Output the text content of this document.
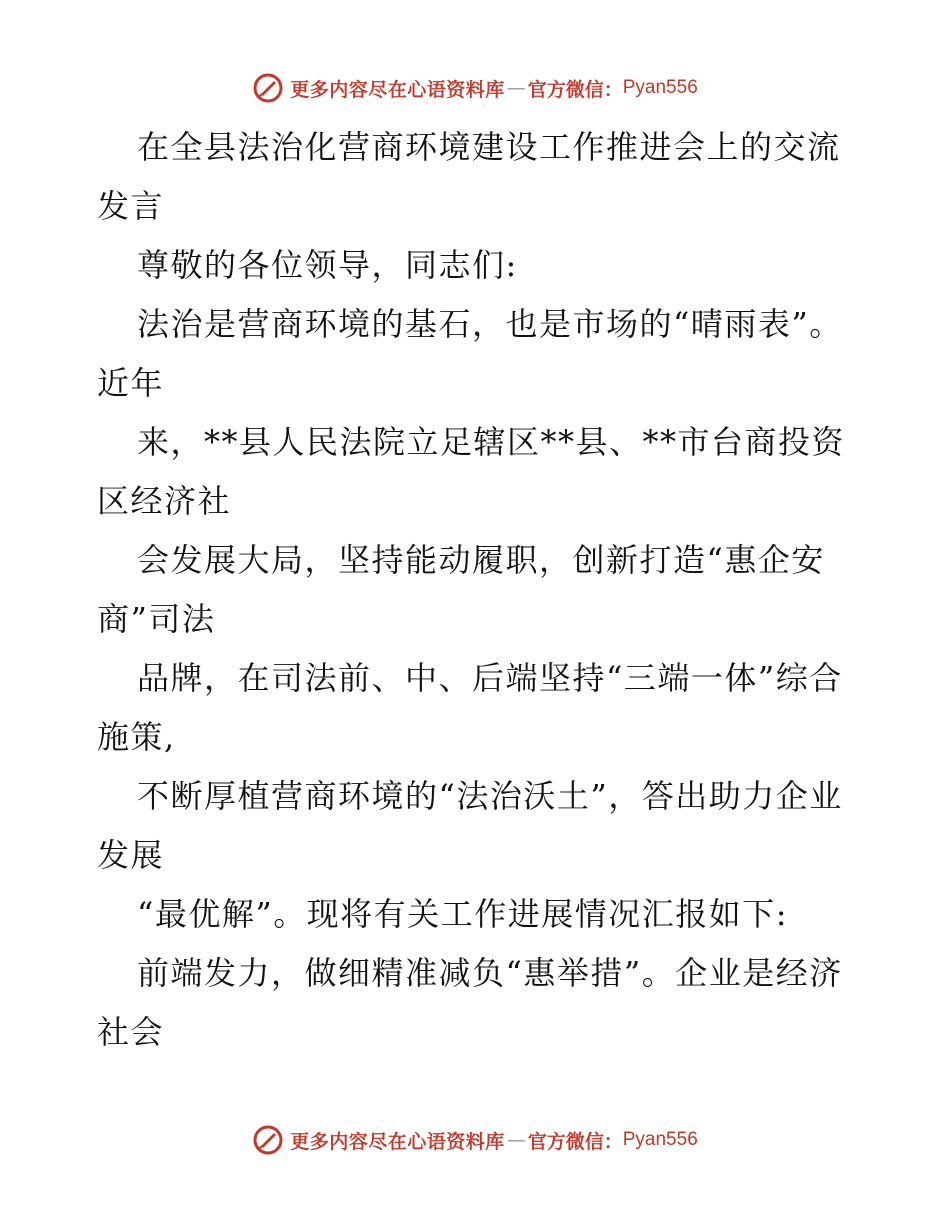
更多内容尽在心语资料库 — 官方微信： Pyan556

在全县法治化营商环境建设工作推进会上的交流发言

尊敬的各位领导，同志们:

法治是营商环境的基石，也是市场的“晴雨表”。近年

来，**县人民法院立足辖区**县、**市台商投资区经济社

会发展大局，坚持能动履职，创新打造“惠企安商”司法

品牌，在司法前、中、后端坚持“三端一体”综合施策,

不断厚植营商环境的“法治沃土”，答出助力企业发展

“最优解”。现将有关工作进展情况汇报如下:

前端发力，做细精准减负“惠举措”。企业是经济社会

更多内容尽在心语资料库 — 官方微信： Pyan556
